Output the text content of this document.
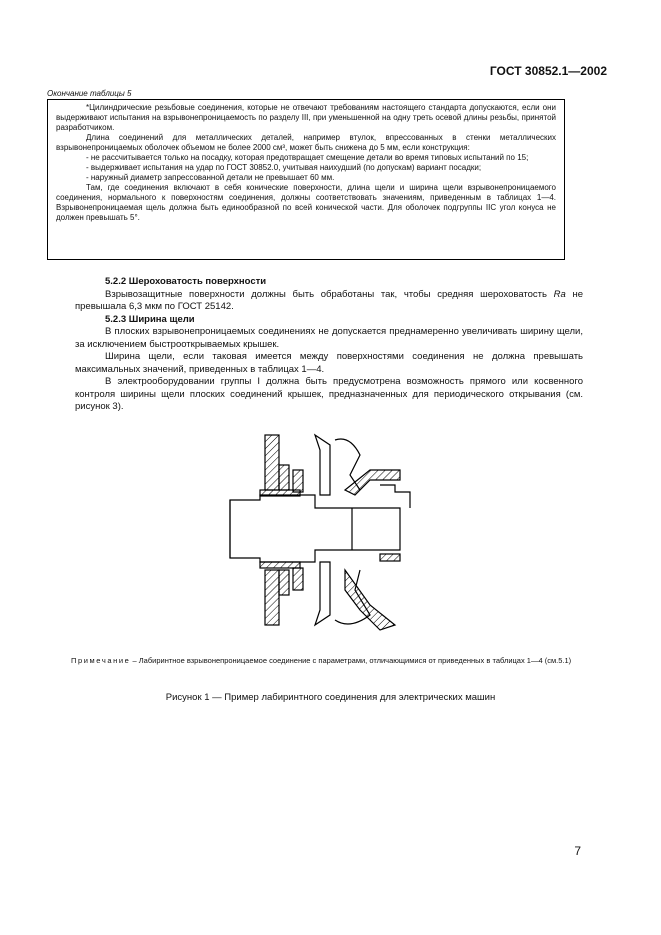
ГОСТ 30852.1—2002
Окончание таблицы 5

*Цилиндрические резьбовые соединения, которые не отвечают требованиям настоящего стандарта допускаются, если они выдерживают испытания на взрывонепроницаемость по разделу III, при уменьшенной на одну треть осевой длины резьбы, принятой разработчиком.

Длина соединений для металлических деталей, например втулок, впрессованных в стенки металлических взрывонепроницаемых оболочек объемом не более 2000 см³, может быть снижена до 5 мм, если конструкция:

- не рассчитывается только на посадку, которая предотвращает смещение детали во время типовых испытаний по 15;

- выдерживает испытания на удар по ГОСТ 30852.0, учитывая наихудший (по допускам) вариант посадки;

- наружный диаметр запрессованной детали не превышает 60 мм.

Там, где соединения включают в себя конические поверхности, длина щели и ширина щели взрывонепроницаемого соединения, нормального к поверхностям соединения, должны соответствовать значениям, приведенным в таблицах 1—4. Взрывонепроницаемая щель должна быть единообразной по всей конической части. Для оболочек подгруппы IIC угол конуса не должен превышать 5°.

5.2.2 Шероховатость поверхности

Взрывозащитные поверхности должны быть обработаны так, чтобы средняя шероховатость Ra не превышала 6,3 мкм по ГОСТ 25142.

5.2.3 Ширина щели

В плоских взрывонепроницаемых соединениях не допускается преднамеренно увеличивать ширину щели, за исключением быстрооткрываемых крышек.

Ширина щели, если таковая имеется между поверхностями соединения не должна превышать максимальных значений, приведенных в таблицах 1—4.

В электрооборудовании группы I должна быть предусмотрена возможность прямого или косвенного контроля ширины щели плоских соединений крышек, предназначенных для периодического открывания (см. рисунок 3).

Примечание – Лабиринтное взрывонепроницаемое соединение с параметрами, отличающимися от приведенных в таблицах 1—4 (см.5.1)
Рисунок 1 — Пример лабиринтного соединения для электрических машин
7
